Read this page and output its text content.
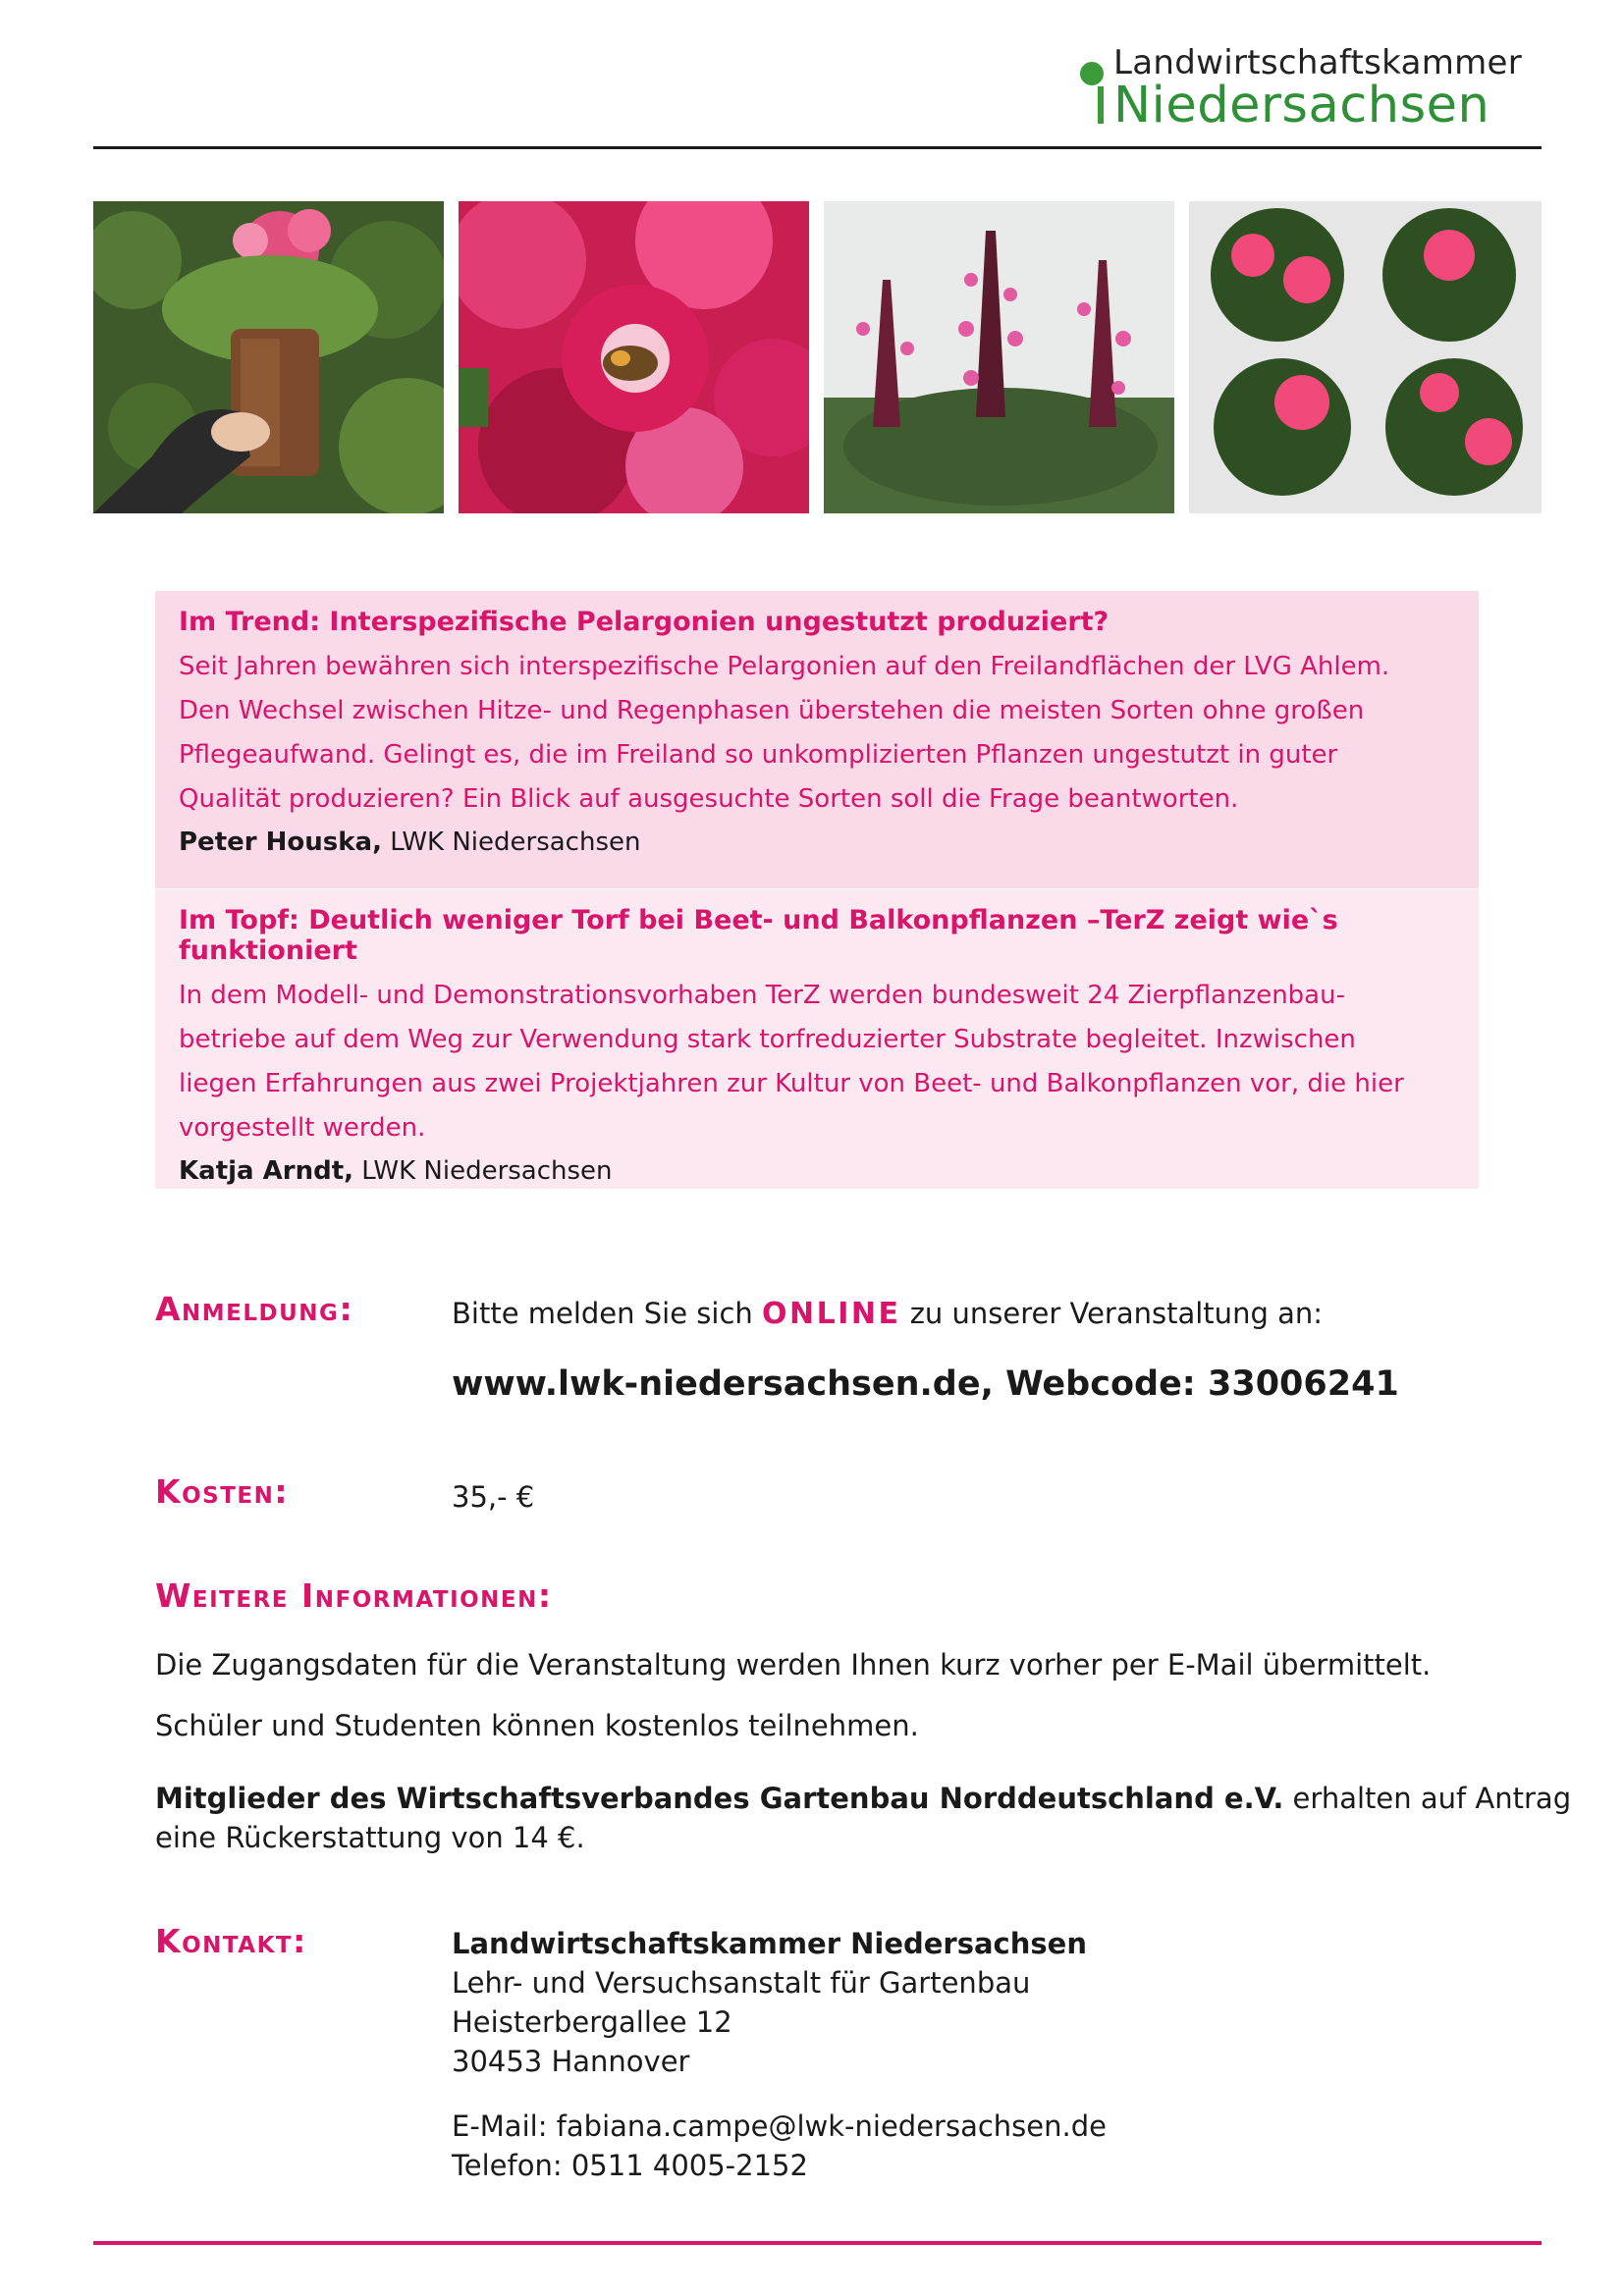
Landwirtschaftskammer
Niedersachsen
Im Trend: Interspezifische Pelargonien ungestutzt produziert?

Seit Jahren bewähren sich interspezifische Pelargonien auf den Freilandflächen der LVG Ahlem.

Den Wechsel zwischen Hitze- und Regenphasen überstehen die meisten Sorten ohne großen

Pflegeaufwand. Gelingt es, die im Freiland so unkomplizierten Pflanzen ungestutzt in guter

Qualität produzieren? Ein Blick auf ausgesuchte Sorten soll die Frage beantworten.

Peter Houska, LWK Niedersachsen
Im Topf: Deutlich weniger Torf bei Beet- und Balkonpflanzen –TerZ zeigt wie`s funktioniert

In dem Modell- und Demonstrationsvorhaben TerZ werden bundesweit 24 Zierpflanzenbau-

betriebe auf dem Weg zur Verwendung stark torfreduzierter Substrate begleitet. Inzwischen

liegen Erfahrungen aus zwei Projektjahren zur Kultur von Beet- und Balkonpflanzen vor, die hier

vorgestellt werden.

Katja Arndt, LWK Niedersachsen
Anmeldung:	Bitte melden Sie sich ONLINE zu unserer Veranstaltung an:
www.lwk-niedersachsen.de, Webcode: 33006241
Kosten:	35,- €
Weitere Informationen:
Die Zugangsdaten für die Veranstaltung werden Ihnen kurz vorher per E-Mail übermittelt.
Schüler und Studenten können kostenlos teilnehmen.
Mitglieder des Wirtschaftsverbandes Gartenbau Norddeutschland e.V. erhalten auf Antrag
eine Rückerstattung von 14 €.
Kontakt:	Landwirtschaftskammer Niedersachsen
Lehr- und Versuchsanstalt für Gartenbau
Heisterbergallee 12
30453 Hannover
E-Mail: fabiana.campe@lwk-niedersachsen.de
Telefon: 0511 4005-2152
